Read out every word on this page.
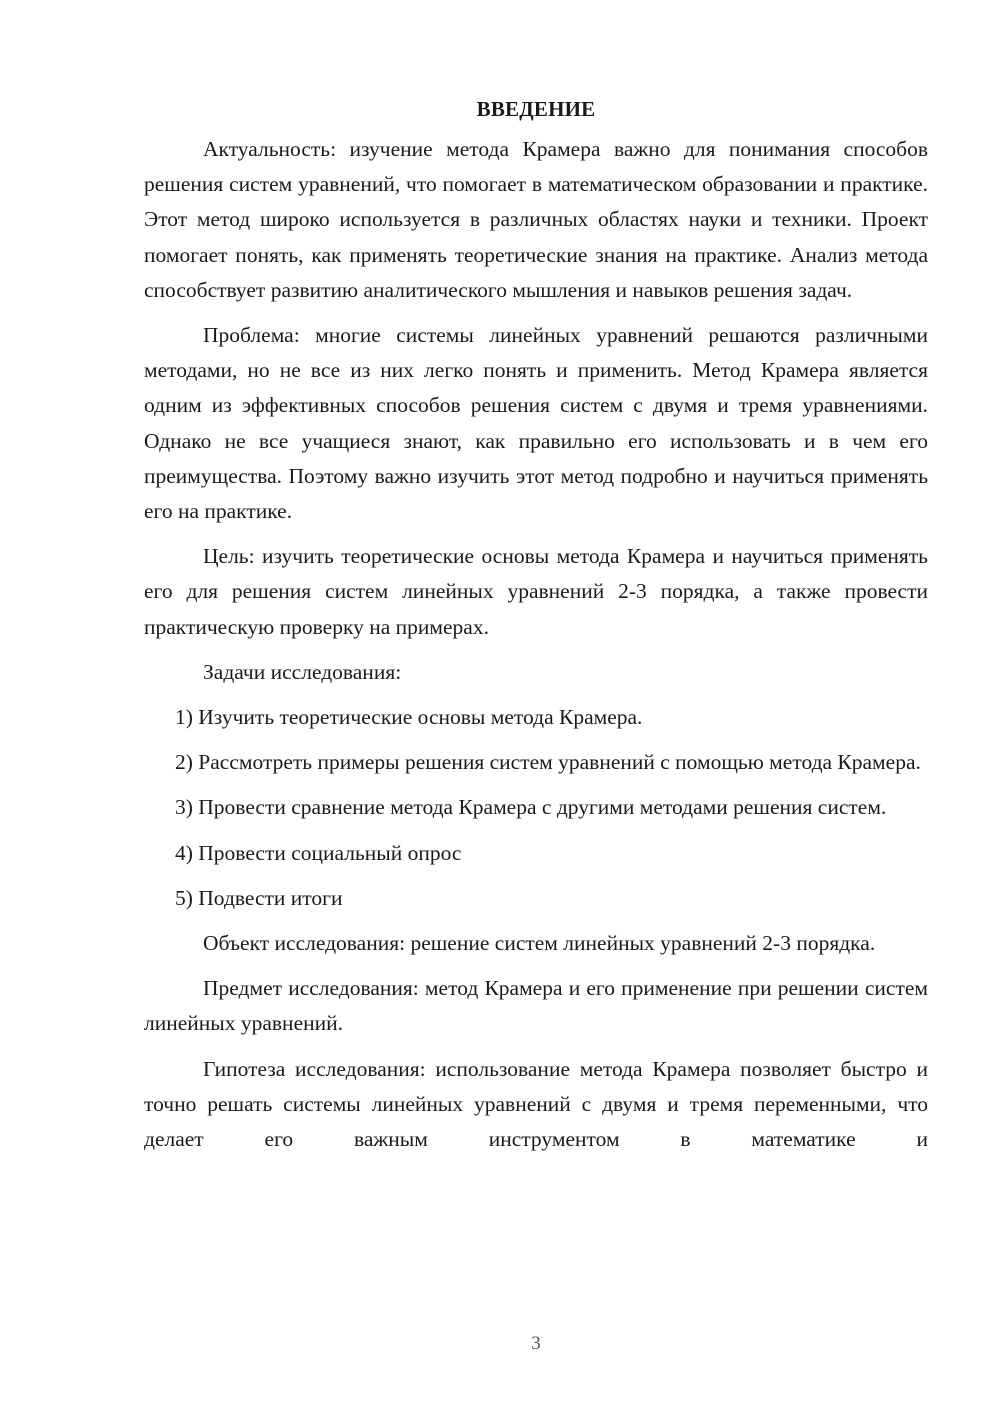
ВВЕДЕНИЕ

Актуальность: изучение метода Крамера важно для понимания способов решения систем уравнений, что помогает в математическом образовании и практике. Этот метод широко используется в различных областях науки и техники. Проект помогает понять, как применять теоретические знания на практике. Анализ метода способствует развитию аналитического мышления и навыков решения задач.

Проблема: многие системы линейных уравнений решаются различными методами, но не все из них легко понять и применить. Метод Крамера является одним из эффективных способов решения систем с двумя и тремя уравнениями. Однако не все учащиеся знают, как правильно его использовать и в чем его преимущества. Поэтому важно изучить этот метод подробно и научиться применять его на практике.

Цель: изучить теоретические основы метода Крамера и научиться применять его для решения систем линейных уравнений 2-3 порядка, а также провести практическую проверку на примерах.

Задачи исследования:

1) Изучить теоретические основы метода Крамера.

2) Рассмотреть примеры решения систем уравнений с помощью метода Крамера.

3) Провести сравнение метода Крамера с другими методами решения систем.

4) Провести социальный опрос

5) Подвести итоги

Объект исследования: решение систем линейных уравнений 2-3 порядка.

Предмет исследования: метод Крамера и его применение при решении систем линейных уравнений.

Гипотеза исследования: использование метода Крамера позволяет быстро и точно решать системы линейных уравнений с двумя и тремя переменными, что делает его важным инструментом в математике и

3
